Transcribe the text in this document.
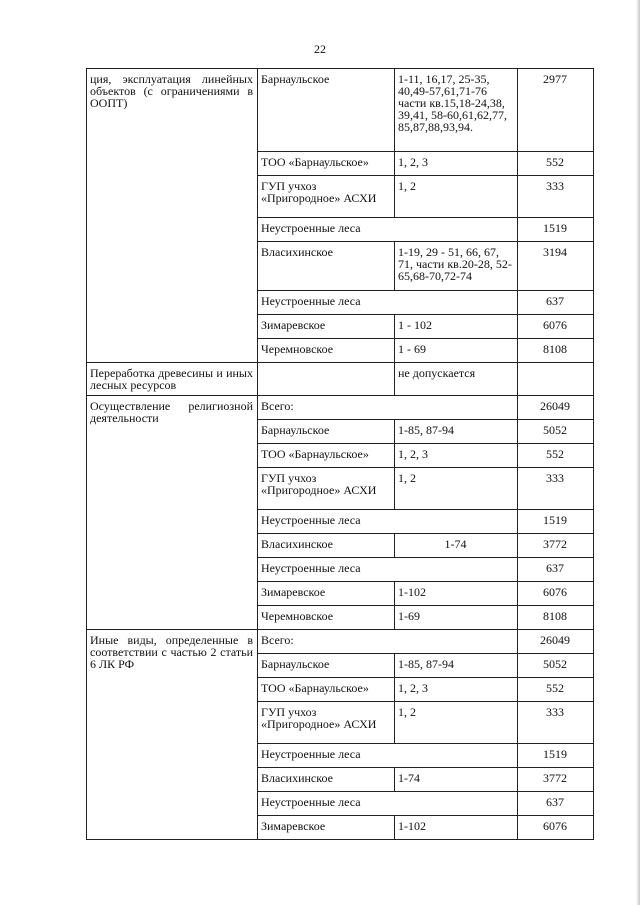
22
ция, эксплуатация линейных объектов (с ограничениями в ООПТ)	Барнаульское	1-11, 16,17, 25-35, 40,49-57,61,71-76 части кв.15,18-24,38, 39,41, 58-60,61,62,77, 85,87,88,93,94.	2977
	ТОО «Барнаульское»	1, 2, 3	552
	ГУП учхоз «Пригородное» АСХИ	1, 2	333
	Неустроенные леса		1519
	Власихинское	1-19, 29 - 51, 66, 67, 71, части кв.20-28, 52-65,68-70,72-74	3194
	Неустроенные леса		637
	Зимаревское	1 - 102	6076
	Черемновское	1 - 69	8108
Переработка древесины и иных лесных ресурсов		не допускается	
Осуществление религиозной деятельности	Всего:		26049
	Барнаульское	1-85, 87-94	5052
	ТОО «Барнаульское»	1, 2, 3	552
	ГУП учхоз «Пригородное» АСХИ	1, 2	333
	Неустроенные леса		1519
	Власихинское	1-74	3772
	Неустроенные леса		637
	Зимаревское	1-102	6076
	Черемновское	1-69	8108
Иные виды, определенные в соответствии с частью 2 статьи 6 ЛК РФ	Всего:		26049
	Барнаульское	1-85, 87-94	5052
	ТОО «Барнаульское»	1, 2, 3	552
	ГУП учхоз «Пригородное» АСХИ	1, 2	333
	Неустроенные леса		1519
	Власихинское	1-74	3772
	Неустроенные леса		637
	Зимаревское	1-102	6076
